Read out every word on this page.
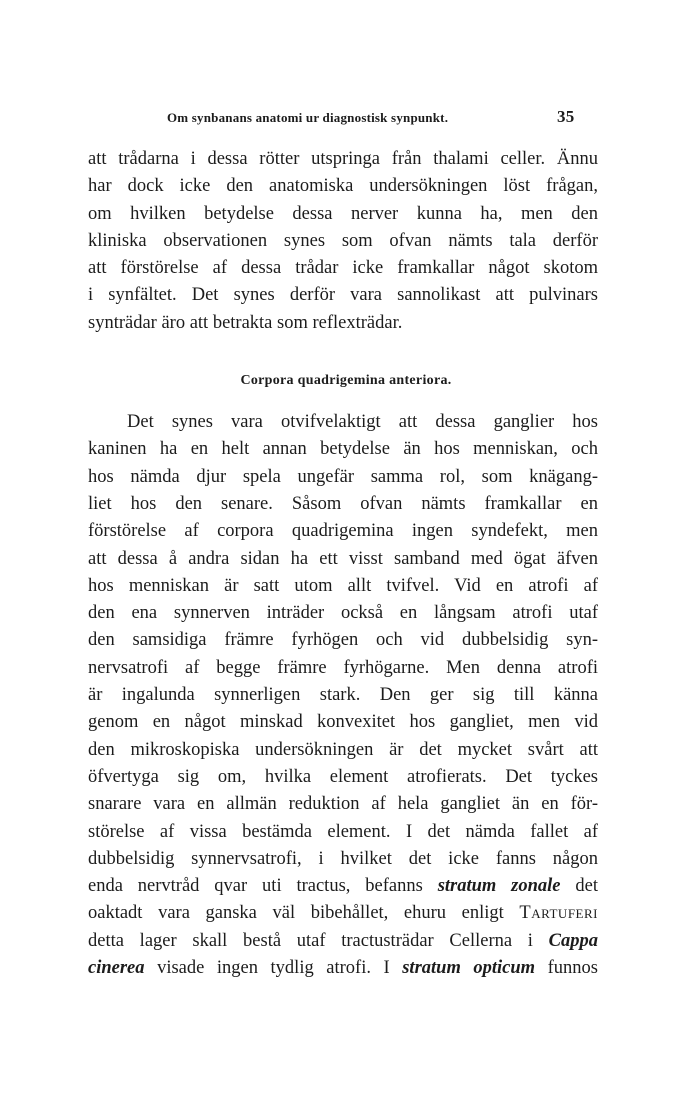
Om synbanans anatomi ur diagnostisk synpunkt.	35
att trådarna i dessa rötter utspringa från thalami celler. Ännu
har dock icke den anatomiska undersökningen löst frågan,
om hvilken betydelse dessa nerver kunna ha, men den
kliniska observationen synes som ofvan nämts tala derför
att förstörelse af dessa trådar icke framkallar något skotom
i synfältet. Det synes derför vara sannolikast att pulvinars
synträdar äro att betrakta som reflexträdar.
Corpora quadrigemina anteriora.
Det synes vara otvifvelaktigt att dessa ganglier hos
kaninen ha en helt annan betydelse än hos menniskan, och
hos nämda djur spela ungefär samma rol, som knägang-
liet hos den senare. Såsom ofvan nämts framkallar en
förstörelse af corpora quadrigemina ingen syndefekt, men
att dessa å andra sidan ha ett visst samband med ögat äfven
hos menniskan är satt utom allt tvifvel. Vid en atrofi af
den ena synnerven inträder också en långsam atrofi utaf
den samsidiga främre fyrhögen och vid dubbelsidig syn-
nervsatrofi af begge främre fyrhögarne. Men denna atrofi
är ingalunda synnerligen stark. Den ger sig till känna
genom en något minskad konvexitet hos gangliet, men vid
den mikroskopiska undersökningen är det mycket svårt att
öfvertyga sig om, hvilka element atrofierats. Det tyckes
snarare vara en allmän reduktion af hela gangliet än en för-
störelse af vissa bestämda element. I det nämda fallet af
dubbelsidig synnervsatrofi, i hvilket det icke fanns någon
enda nervtråd qvar uti tractus, befanns stratum zonale det
oaktadt vara ganska väl bibehållet, ehuru enligt Tartuferi
detta lager skall bestå utaf tractusträdar Cellerna i Cappa
cinerea visade ingen tydlig atrofi. I stratum opticum funnos
